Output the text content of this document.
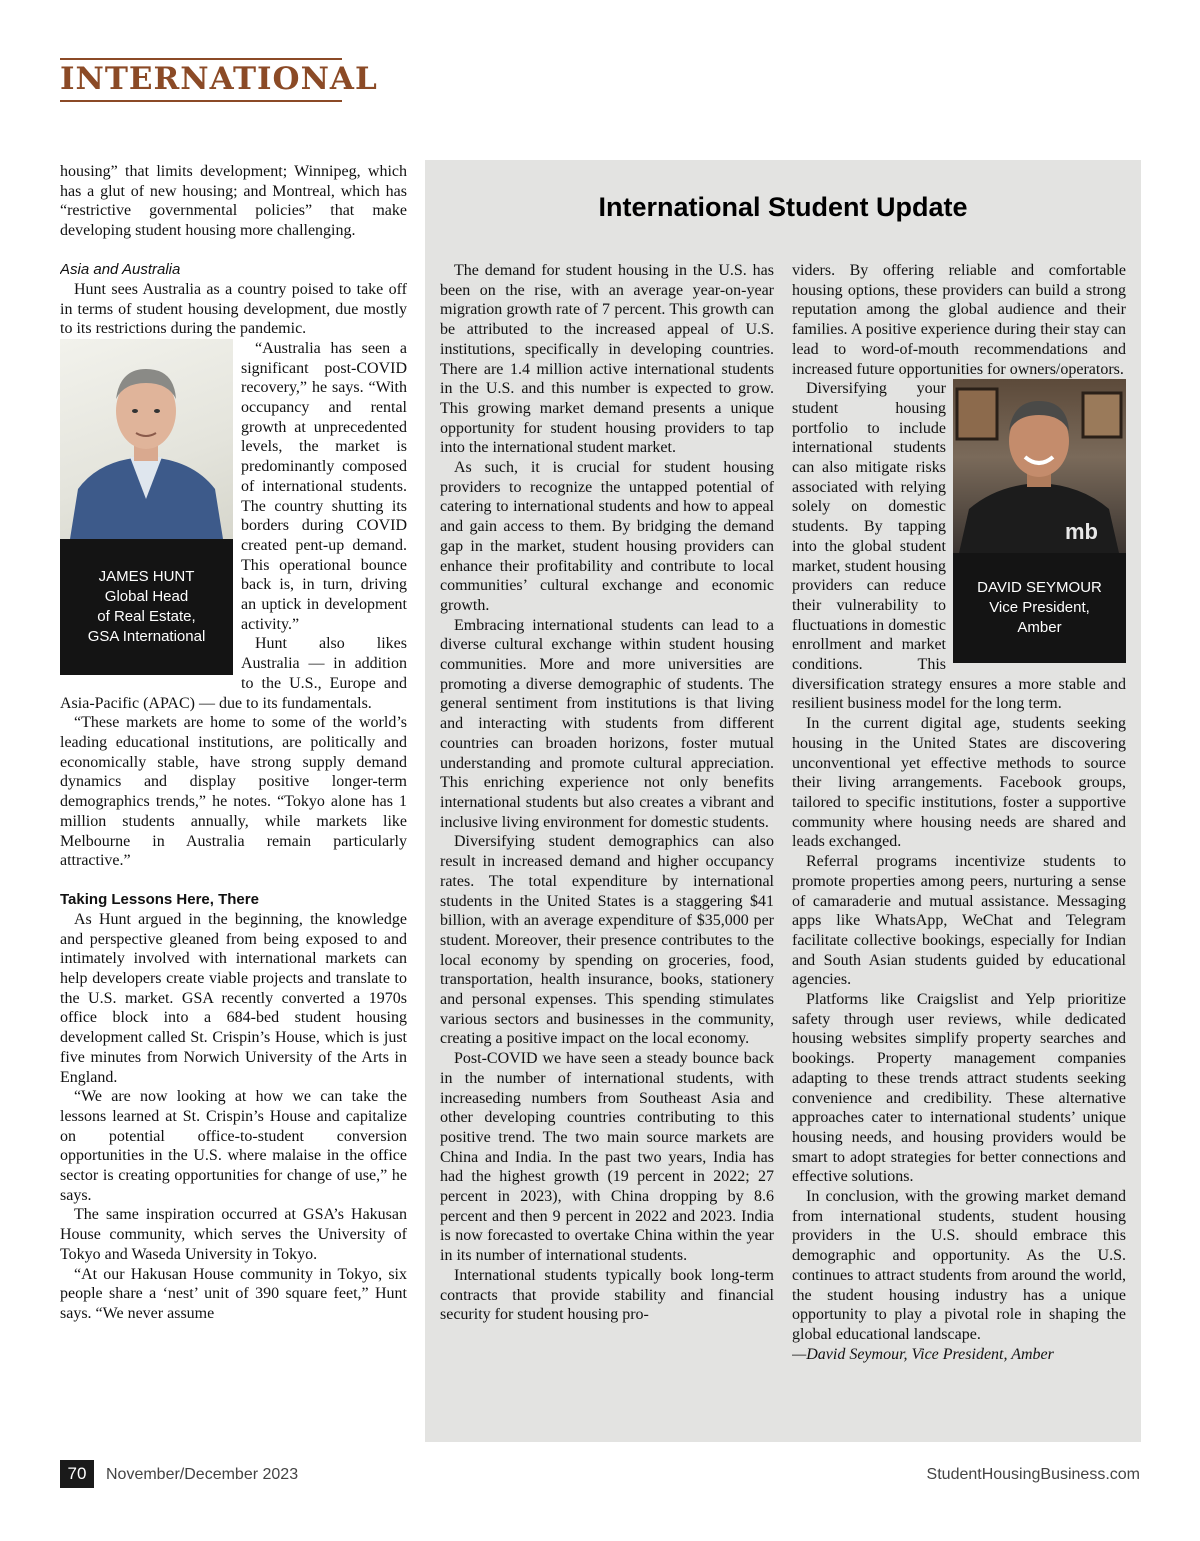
INTERNATIONAL

housing” that limits development; Winnipeg, which has a glut of new housing; and Montreal, which has “restrictive governmental policies” that make developing student housing more challenging.

Asia and Australia

Hunt sees Australia as a country poised to take off in terms of student housing development, due mostly to its restrictions during the pandemic.

JAMES HUNT
Global Head
of Real Estate,
GSA International

“Australia has seen a significant post-COVID recovery,” he says. “With occupancy and rental growth at unprecedented levels, the market is predominantly composed of international students. The country shutting its borders during COVID created pent-up demand. This operational bounce back is, in turn, driving an uptick in development activity.”

Hunt also likes Australia — in addition to the U.S., Europe and Asia-Pacific (APAC) — due to its fundamentals.

“These markets are home to some of the world’s leading educational institutions, are politically and economically stable, have strong supply demand dynamics and display positive longer-term demographics trends,” he notes. “Tokyo alone has 1 million students annually, while markets like Melbourne in Australia remain particularly attractive.”

Taking Lessons Here, There

As Hunt argued in the beginning, the knowledge and perspective gleaned from being exposed to and intimately involved with international markets can help developers create viable projects and translate to the U.S. market. GSA recently converted a 1970s office block into a 684-bed student housing development called St. Crispin’s House, which is just five minutes from Norwich University of the Arts in England.

“We are now looking at how we can take the lessons learned at St. Crispin’s House and capitalize on potential office-to-student conversion opportunities in the U.S. where malaise in the office sector is creating opportunities for change of use,” he says.

The same inspiration occurred at GSA’s Hakusan House community, which serves the University of Tokyo and Waseda University in Tokyo.

“At our Hakusan House community in Tokyo, six people share a ‘nest’ unit of 390 square feet,” Hunt says. “We never assume

International Student Update

The demand for student housing in the U.S. has been on the rise, with an average year-on-year migration growth rate of 7 percent. This growth can be attributed to the increased appeal of U.S. institutions, specifically in developing countries. There are 1.4 million active international students in the U.S. and this number is expected to grow. This growing market demand presents a unique opportunity for student housing providers to tap into the international student market.

As such, it is crucial for student housing providers to recognize the untapped potential of catering to international students and how to appeal and gain access to them. By bridging the demand gap in the market, student housing providers can enhance their profitability and contribute to local communities’ cultural exchange and economic growth.

Embracing international students can lead to a diverse cultural exchange within student housing communities. More and more universities are promoting a diverse demographic of students. The general sentiment from institutions is that living and interacting with students from different countries can broaden horizons, foster mutual understanding and promote cultural appreciation. This enriching experience not only benefits international students but also creates a vibrant and inclusive living environment for domestic students.

Diversifying student demographics can also result in increased demand and higher occupancy rates. The total expenditure by international students in the United States is a staggering $41 billion, with an average expenditure of $35,000 per student. Moreover, their presence contributes to the local economy by spending on groceries, food, transportation, health insurance, books, stationery and personal expenses. This spending stimulates various sectors and businesses in the community, creating a positive impact on the local economy.

Post-COVID we have seen a steady bounce back in the number of international students, with increaseding numbers from Southeast Asia and other developing countries contributing to this positive trend. The two main source markets are China and India. In the past two years, India has had the highest growth (19 percent in 2022; 27 percent in 2023), with China dropping by 8.6 percent and then 9 percent in 2022 and 2023. India is now forecasted to overtake China within the year in its number of international students.

International students typically book long-term contracts that provide stability and financial security for student housing pro-

viders. By offering reliable and comfortable housing options, these providers can build a strong reputation among the global audience and their families. A positive experience during their stay can lead to word-of-mouth recommendations and increased future opportunities for owners/operators.

mb
DAVID SEYMOUR
Vice President,
Amber

Diversifying your student housing portfolio to include international students can also mitigate risks associated with relying solely on domestic students. By tapping into the global student market, student housing providers can reduce their vulnerability to fluctuations in domestic enrollment and market conditions. This diversification strategy ensures a more stable and resilient business model for the long term.

In the current digital age, students seeking housing in the United States are discovering unconventional yet effective methods to source their living arrangements. Facebook groups, tailored to specific institutions, foster a supportive community where housing needs are shared and leads exchanged.

Referral programs incentivize students to promote properties among peers, nurturing a sense of camaraderie and mutual assistance. Messaging apps like WhatsApp, WeChat and Telegram facilitate collective bookings, especially for Indian and South Asian students guided by educational agencies.

Platforms like Craigslist and Yelp prioritize safety through user reviews, while dedicated housing websites simplify property searches and bookings. Property management companies adapting to these trends attract students seeking convenience and credibility. These alternative approaches cater to international students’ unique housing needs, and housing providers would be smart to adopt strategies for better connections and effective solutions.

In conclusion, with the growing market demand from international students, student housing providers in the U.S. should embrace this demographic and opportunity. As the U.S. continues to attract students from around the world, the student housing industry has a unique opportunity to play a pivotal role in shaping the global educational landscape.

—David Seymour, Vice President, Amber

70	November/December 2023	StudentHousingBusiness.com
